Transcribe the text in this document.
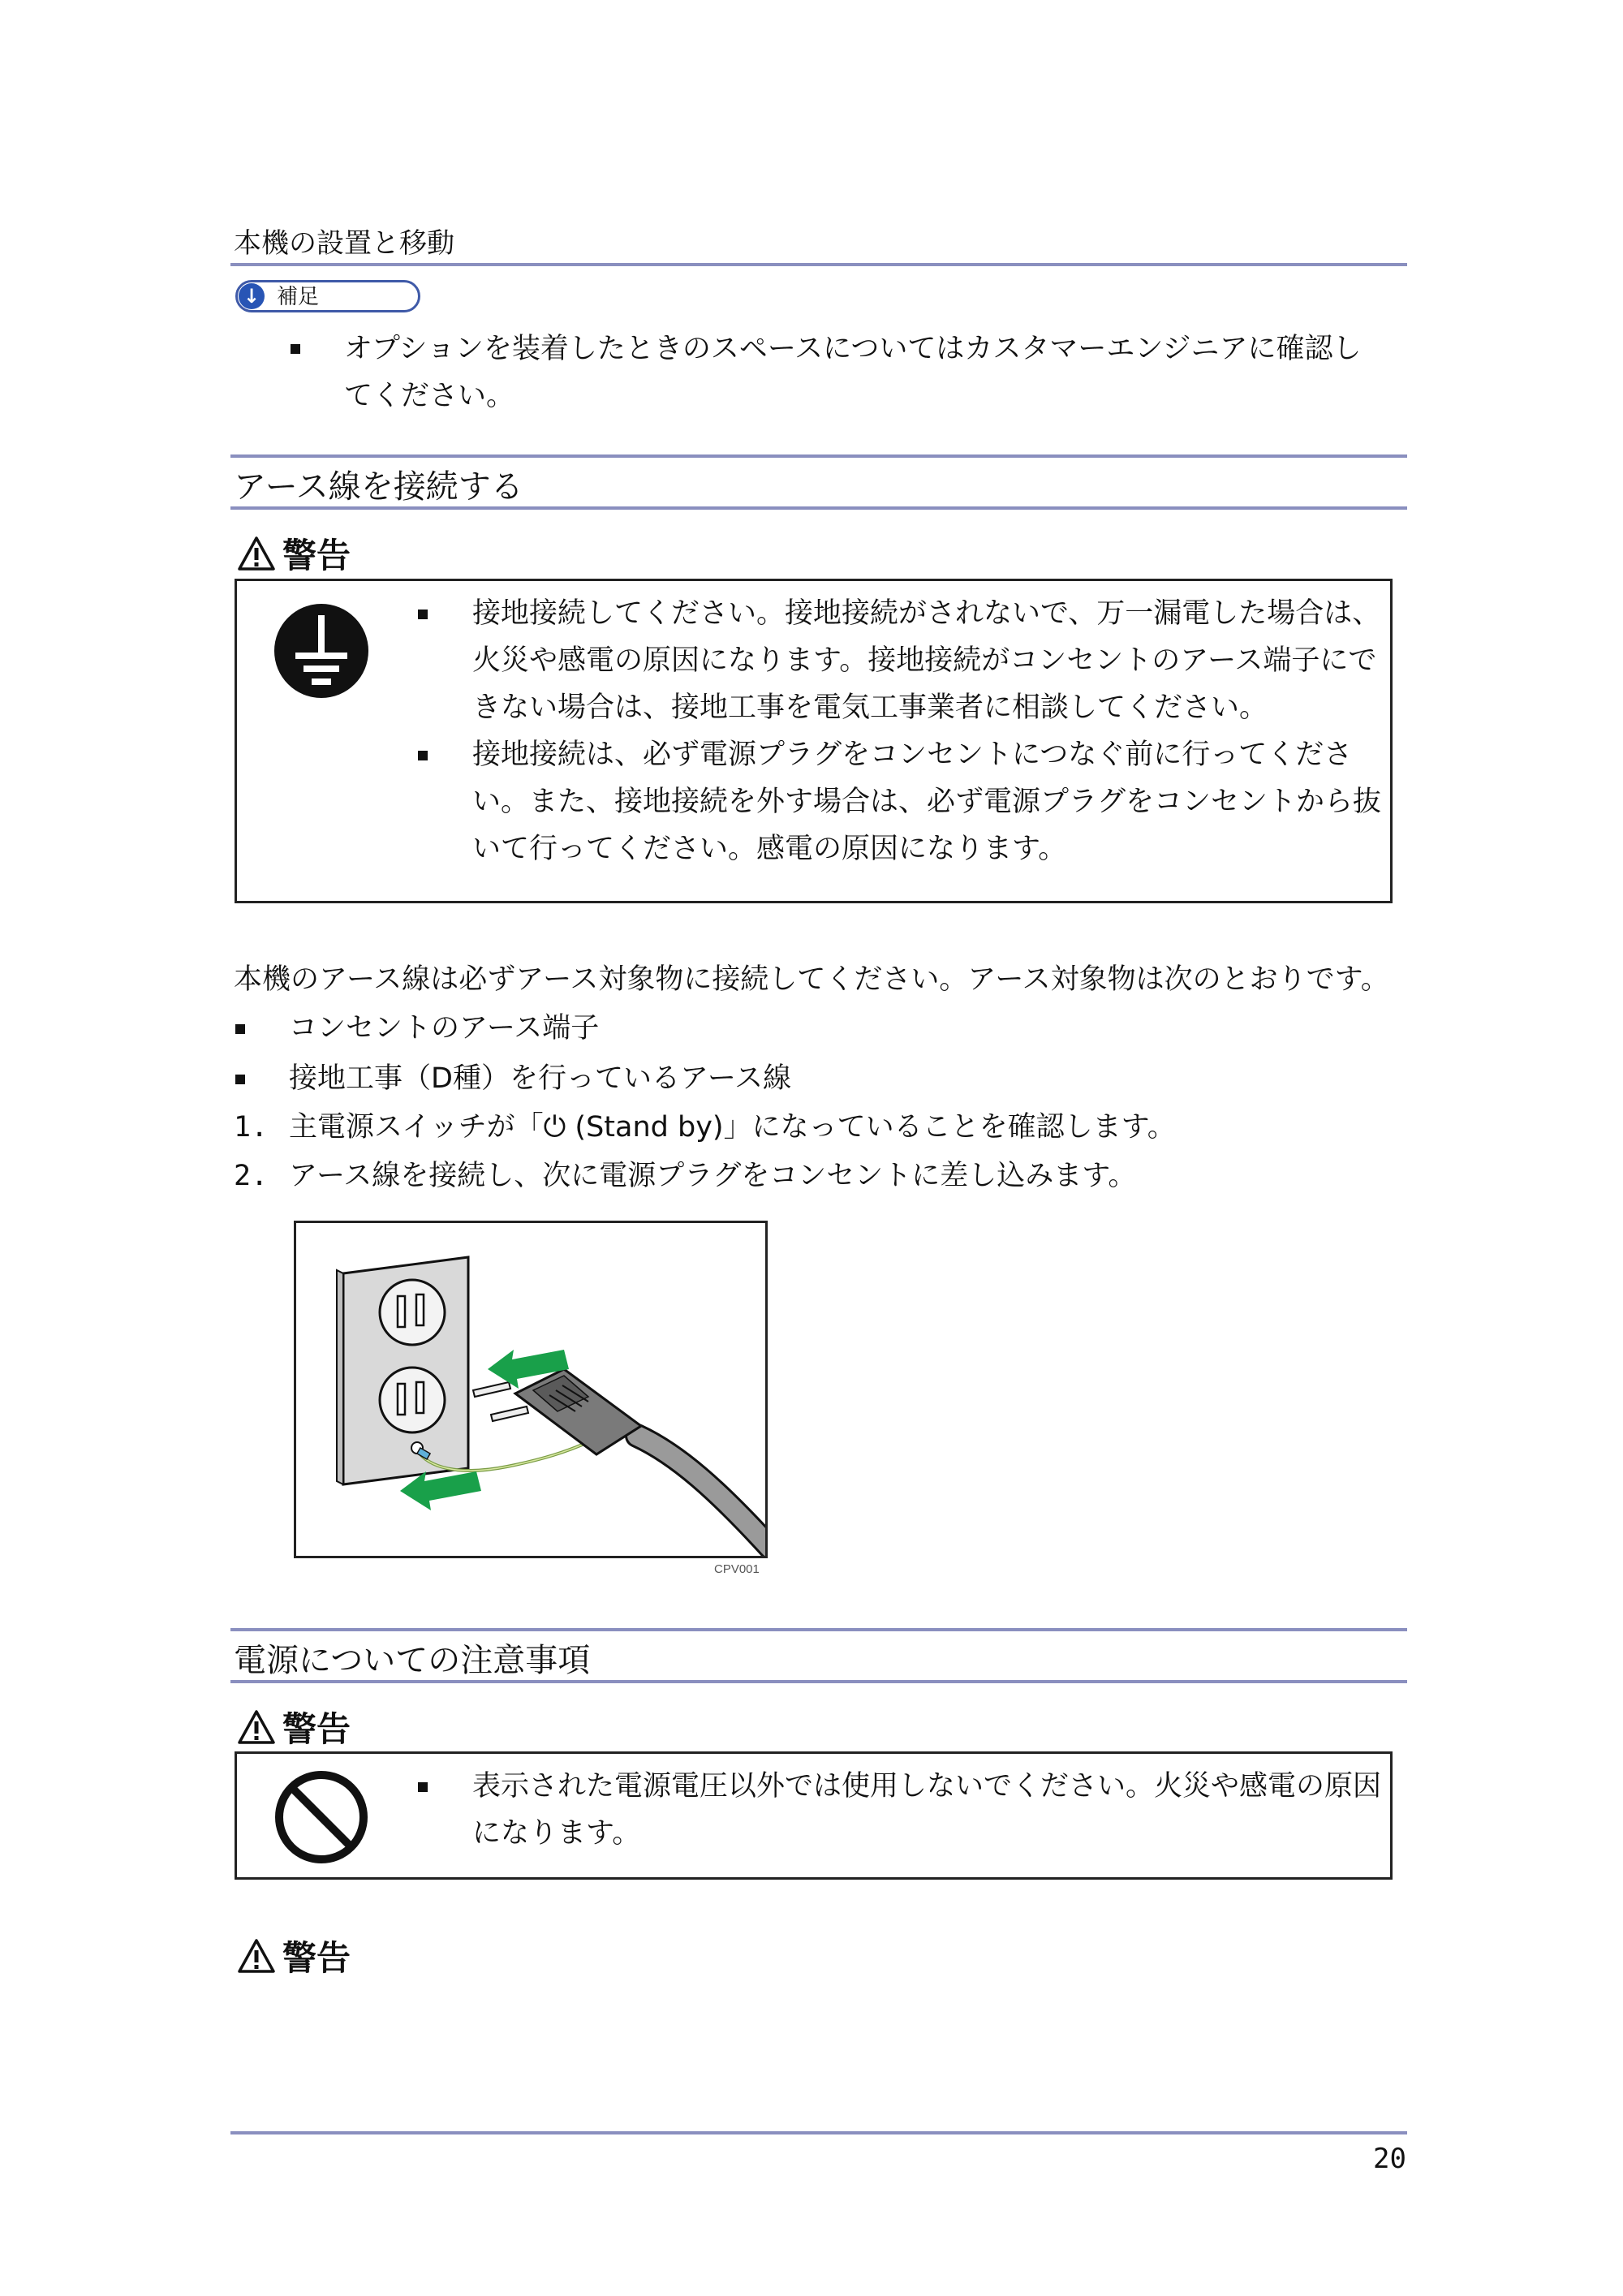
本機の設置と移動
↓ 補足
オプションを装着したときのスペースについてはカスタマーエンジニアに確認し
てください。
アース線を接続する
警告
接地接続してください。接地接続がされないで、万一漏電した場合は、
火災や感電の原因になります。接地接続がコンセントのアース端子にで
きない場合は、接地工事を電気工事業者に相談してください。
接地接続は、必ず電源プラグをコンセントにつなぐ前に行ってくださ
い。また、接地接続を外す場合は、必ず電源プラグをコンセントから抜
いて行ってください。感電の原因になります。
本機のアース線は必ずアース対象物に接続してください。アース対象物は次のとおりです。
コンセントのアース端子
接地工事（D種）を行っているアース線
1. 主電源スイッチが「⏻ (Stand by)」になっていることを確認します。
2. アース線を接続し、次に電源プラグをコンセントに差し込みます。
CPV001
電源についての注意事項
警告
表示された電源電圧以外では使用しないでください。火災や感電の原因
になります。
警告
20
